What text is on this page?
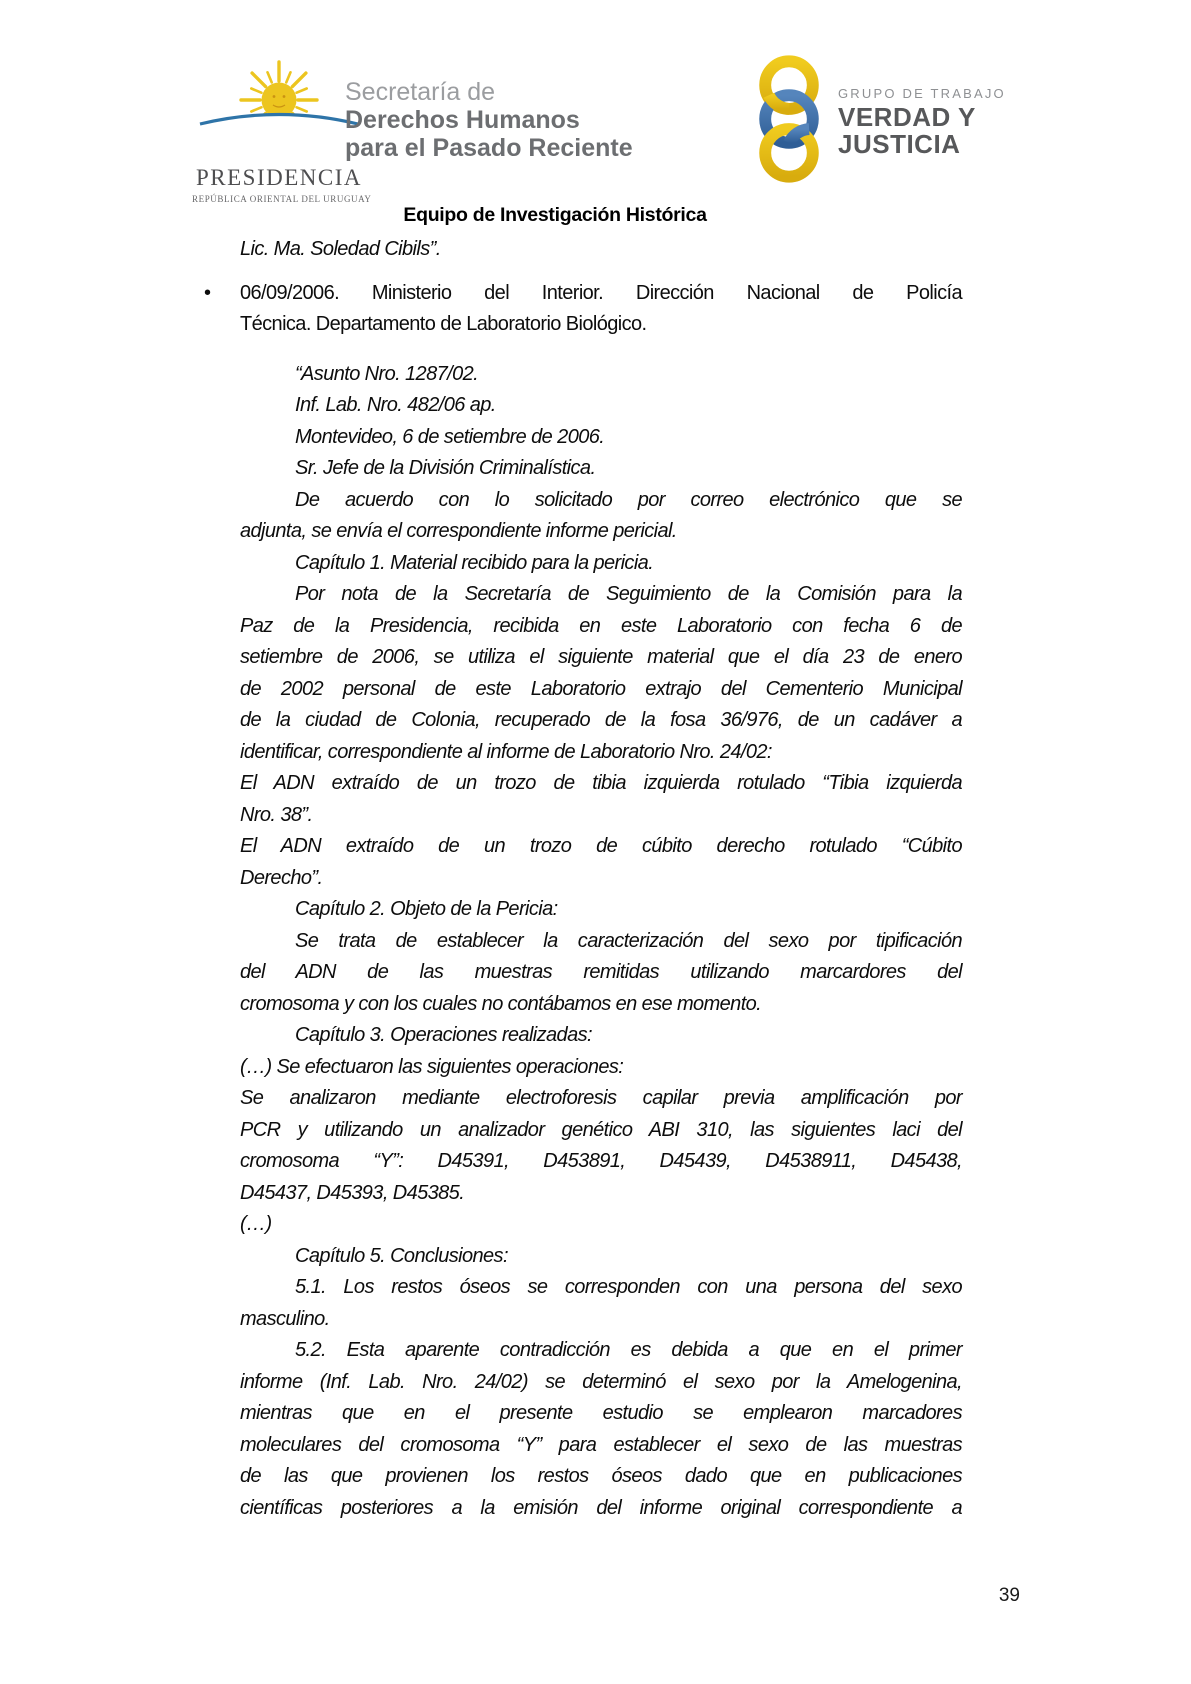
PRESIDENCIA
REPÚBLICA ORIENTAL DEL URUGUAY
Secretaría de
Derechos Humanos
para el Pasado Reciente
GRUPO DE TRABAJO
VERDAD Y
JUSTICIA
Equipo de Investigación Histórica
Lic. Ma. Soledad Cibils”.
• 06/09/2006. Ministerio del Interior. Dirección Nacional de Policía
Técnica. Departamento de Laboratorio Biológico.
“Asunto Nro. 1287/02.
Inf. Lab. Nro. 482/06 ap.
Montevideo, 6 de setiembre de 2006.
Sr. Jefe de la División Criminalística.
De acuerdo con lo solicitado por correo electrónico que se
adjunta, se envía el correspondiente informe pericial.
Capítulo 1. Material recibido para la pericia.
Por nota de la Secretaría de Seguimiento de la Comisión para la
Paz de la Presidencia, recibida en este Laboratorio con fecha 6 de
setiembre de 2006, se utiliza el siguiente material que el día 23 de enero
de 2002 personal de este Laboratorio extrajo del Cementerio Municipal
de la ciudad de Colonia, recuperado de la fosa 36/976, de un cadáver a
identificar, correspondiente al informe de Laboratorio Nro. 24/02:
El ADN extraído de un trozo de tibia izquierda rotulado “Tibia izquierda
Nro. 38”.
El ADN extraído de un trozo de cúbito derecho rotulado “Cúbito
Derecho”.
Capítulo 2. Objeto de la Pericia:
Se trata de establecer la caracterización del sexo por tipificación
del ADN de las muestras remitidas utilizando marcardores del
cromosoma y con los cuales no contábamos en ese momento.
Capítulo 3. Operaciones realizadas:
(…) Se efectuaron las siguientes operaciones:
Se analizaron mediante electroforesis capilar previa amplificación por
PCR y utilizando un analizador genético ABI 310, las siguientes laci del
cromosoma “Y”: D45391, D453891, D45439, D4538911, D45438,
D45437, D45393, D45385.
(…)
Capítulo 5. Conclusiones:
5.1. Los restos óseos se corresponden con una persona del sexo
masculino.
5.2. Esta aparente contradicción es debida a que en el primer
informe (Inf. Lab. Nro. 24/02) se determinó el sexo por la Amelogenina,
mientras que en el presente estudio se emplearon marcadores
moleculares del cromosoma “Y” para establecer el sexo de las muestras
de las que provienen los restos óseos dado que en publicaciones
científicas posteriores a la emisión del informe original correspondiente a
39
